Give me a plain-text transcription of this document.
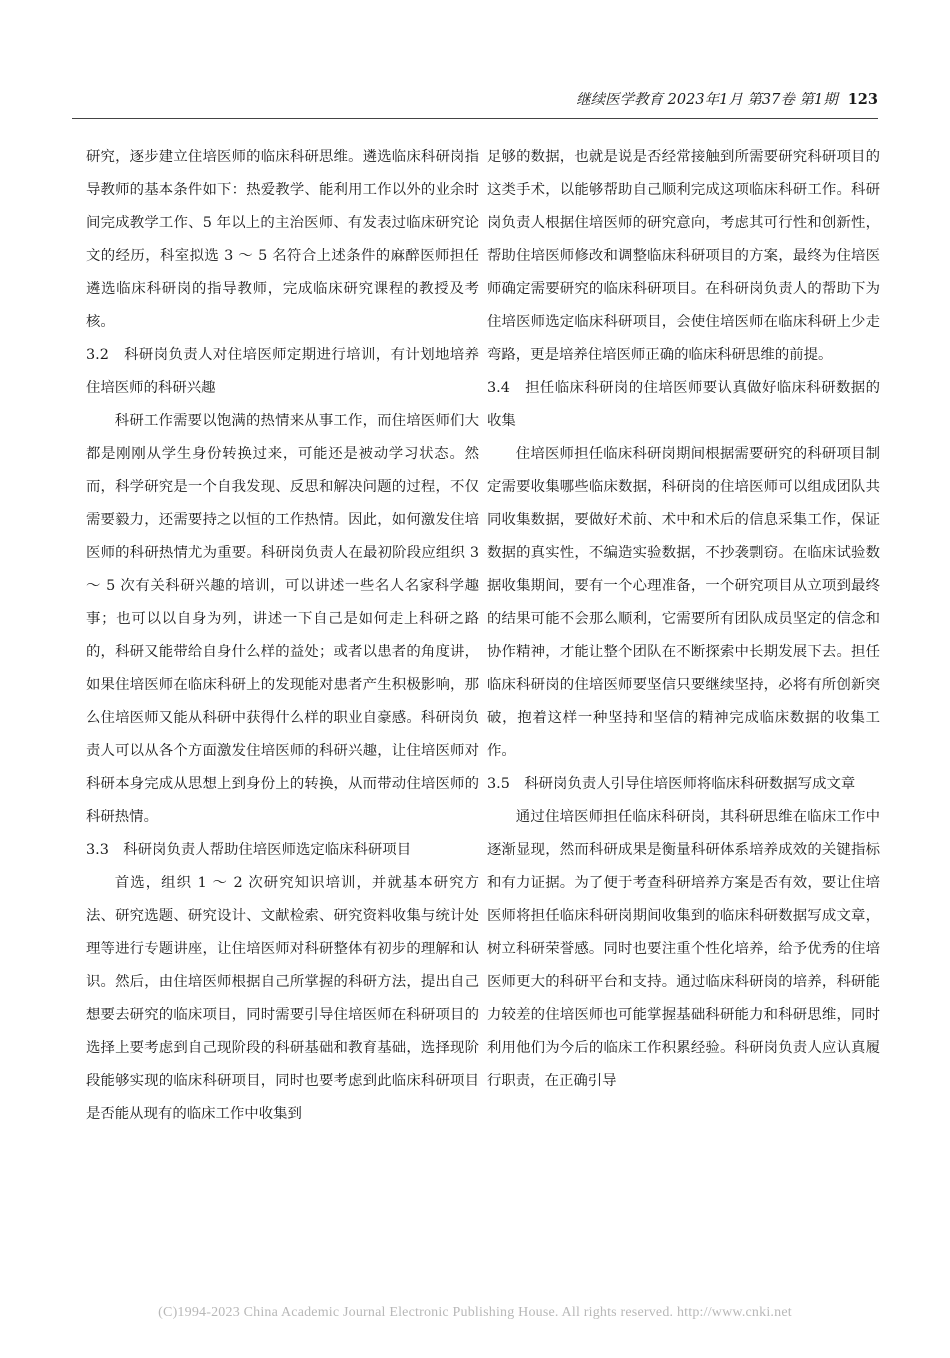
继续医学教育 2023年1月 第37卷 第1期 123

研究，逐步建立住培医师的临床科研思维。遴选临床科研岗指导教师的基本条件如下：热爱教学、能利用工作以外的业余时间完成教学工作、5 年以上的主治医师、有发表过临床研究论文的经历，科室拟选 3 ～ 5 名符合上述条件的麻醉医师担任遴选临床科研岗的指导教师，完成临床研究课程的教授及考核。

3.2　科研岗负责人对住培医师定期进行培训，有计划地培养住培医师的科研兴趣

科研工作需要以饱满的热情来从事工作，而住培医师们大都是刚刚从学生身份转换过来，可能还是被动学习状态。然而，科学研究是一个自我发现、反思和解决问题的过程，不仅需要毅力，还需要持之以恒的工作热情。因此，如何激发住培医师的科研热情尤为重要。科研岗负责人在最初阶段应组织 3 ～ 5 次有关科研兴趣的培训，可以讲述一些名人名家科学趣事；也可以以自身为列，讲述一下自己是如何走上科研之路的，科研又能带给自身什么样的益处；或者以患者的角度讲，如果住培医师在临床科研上的发现能对患者产生积极影响，那么住培医师又能从科研中获得什么样的职业自豪感。科研岗负责人可以从各个方面激发住培医师的科研兴趣，让住培医师对科研本身完成从思想上到身份上的转换，从而带动住培医师的科研热情。

3.3　科研岗负责人帮助住培医师选定临床科研项目

首选，组织 1 ～ 2 次研究知识培训，并就基本研究方法、研究选题、研究设计、文献检索、研究资料收集与统计处理等进行专题讲座，让住培医师对科研整体有初步的理解和认识。然后，由住培医师根据自己所掌握的科研方法，提出自己想要去研究的临床项目，同时需要引导住培医师在科研项目的选择上要考虑到自己现阶段的科研基础和教育基础，选择现阶段能够实现的临床科研项目，同时也要考虑到此临床科研项目是否能从现有的临床工作中收集到

足够的数据，也就是说是否经常接触到所需要研究科研项目的这类手术，以能够帮助自己顺利完成这项临床科研工作。科研岗负责人根据住培医师的研究意向，考虑其可行性和创新性，帮助住培医师修改和调整临床科研项目的方案，最终为住培医师确定需要研究的临床科研项目。在科研岗负责人的帮助下为住培医师选定临床科研项目，会使住培医师在临床科研上少走弯路，更是培养住培医师正确的临床科研思维的前提。

3.4　担任临床科研岗的住培医师要认真做好临床科研数据的收集

住培医师担任临床科研岗期间根据需要研究的科研项目制定需要收集哪些临床数据，科研岗的住培医师可以组成团队共同收集数据，要做好术前、术中和术后的信息采集工作，保证数据的真实性，不编造实验数据，不抄袭剽窃。在临床试验数据收集期间，要有一个心理准备，一个研究项目从立项到最终的结果可能不会那么顺利，它需要所有团队成员坚定的信念和协作精神，才能让整个团队在不断探索中长期发展下去。担任临床科研岗的住培医师要坚信只要继续坚持，必将有所创新突破，抱着这样一种坚持和坚信的精神完成临床数据的收集工作。

3.5　科研岗负责人引导住培医师将临床科研数据写成文章

通过住培医师担任临床科研岗，其科研思维在临床工作中逐渐显现，然而科研成果是衡量科研体系培养成效的关键指标和有力证据。为了便于考查科研培养方案是否有效，要让住培医师将担任临床科研岗期间收集到的临床科研数据写成文章，树立科研荣誉感。同时也要注重个性化培养，给予优秀的住培医师更大的科研平台和支持。通过临床科研岗的培养，科研能力较差的住培医师也可能掌握基础科研能力和科研思维，同时利用他们为今后的临床工作积累经验。科研岗负责人应认真履行职责，在正确引导

(C)1994-2023 China Academic Journal Electronic Publishing House. All rights reserved. http://www.cnki.net
